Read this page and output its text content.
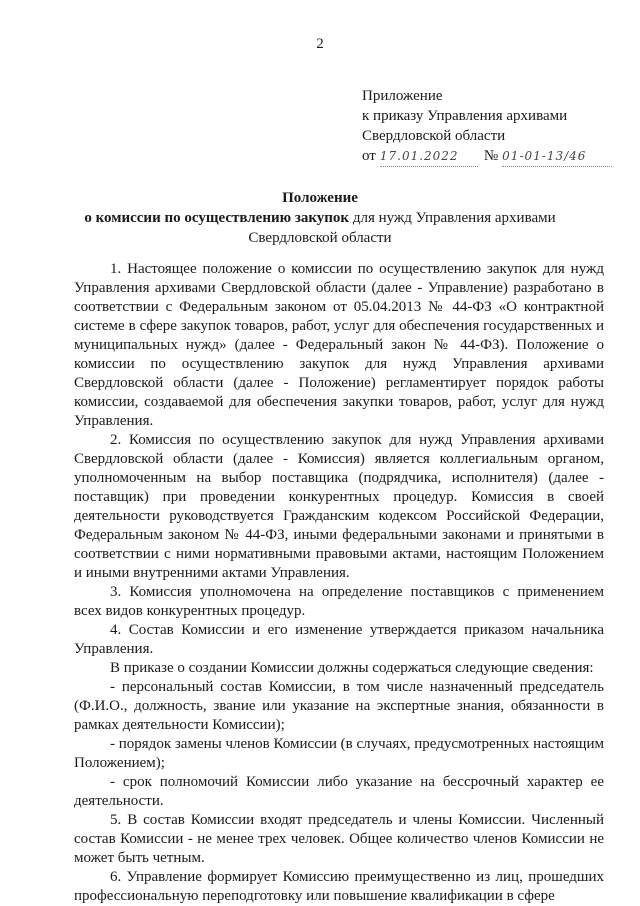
2
Приложение
к приказу Управления архивами
Свердловской области
от 17.01.2022 № 01-01-13/46
Положение
о комиссии по осуществлению закупок для нужд Управления архивами
Свердловской области

1. Настоящее положение о комиссии по осуществлению закупок для нужд Управления архивами Свердловской области (далее - Управление) разработано в соответствии с Федеральным законом от 05.04.2013 № 44-ФЗ «О контрактной системе в сфере закупок товаров, работ, услуг для обеспечения государственных и муниципальных нужд» (далее - Федеральный закон № 44-ФЗ). Положение о комиссии по осуществлению закупок для нужд Управления архивами Свердловской области (далее - Положение) регламентирует порядок работы комиссии, создаваемой для обеспечения закупки товаров, работ, услуг для нужд Управления.

2. Комиссия по осуществлению закупок для нужд Управления архивами Свердловской области (далее - Комиссия) является коллегиальным органом, уполномоченным на выбор поставщика (подрядчика, исполнителя) (далее - поставщик) при проведении конкурентных процедур. Комиссия в своей деятельности руководствуется Гражданским кодексом Российской Федерации, Федеральным законом № 44-ФЗ, иными федеральными законами и принятыми в соответствии с ними нормативными правовыми актами, настоящим Положением и иными внутренними актами Управления.

3. Комиссия уполномочена на определение поставщиков с применением всех видов конкурентных процедур.

4. Состав Комиссии и его изменение утверждается приказом начальника Управления.

В приказе о создании Комиссии должны содержаться следующие сведения:

- персональный состав Комиссии, в том числе назначенный председатель (Ф.И.О., должность, звание или указание на экспертные знания, обязанности в рамках деятельности Комиссии);

- порядок замены членов Комиссии (в случаях, предусмотренных настоящим Положением);

- срок полномочий Комиссии либо указание на бессрочный характер ее деятельности.

5. В состав Комиссии входят председатель и члены Комиссии. Численный состав Комиссии - не менее трех человек. Общее количество членов Комиссии не может быть четным.

6. Управление формирует Комиссию преимущественно из лиц, прошедших профессиональную переподготовку или повышение квалификации в сфере
